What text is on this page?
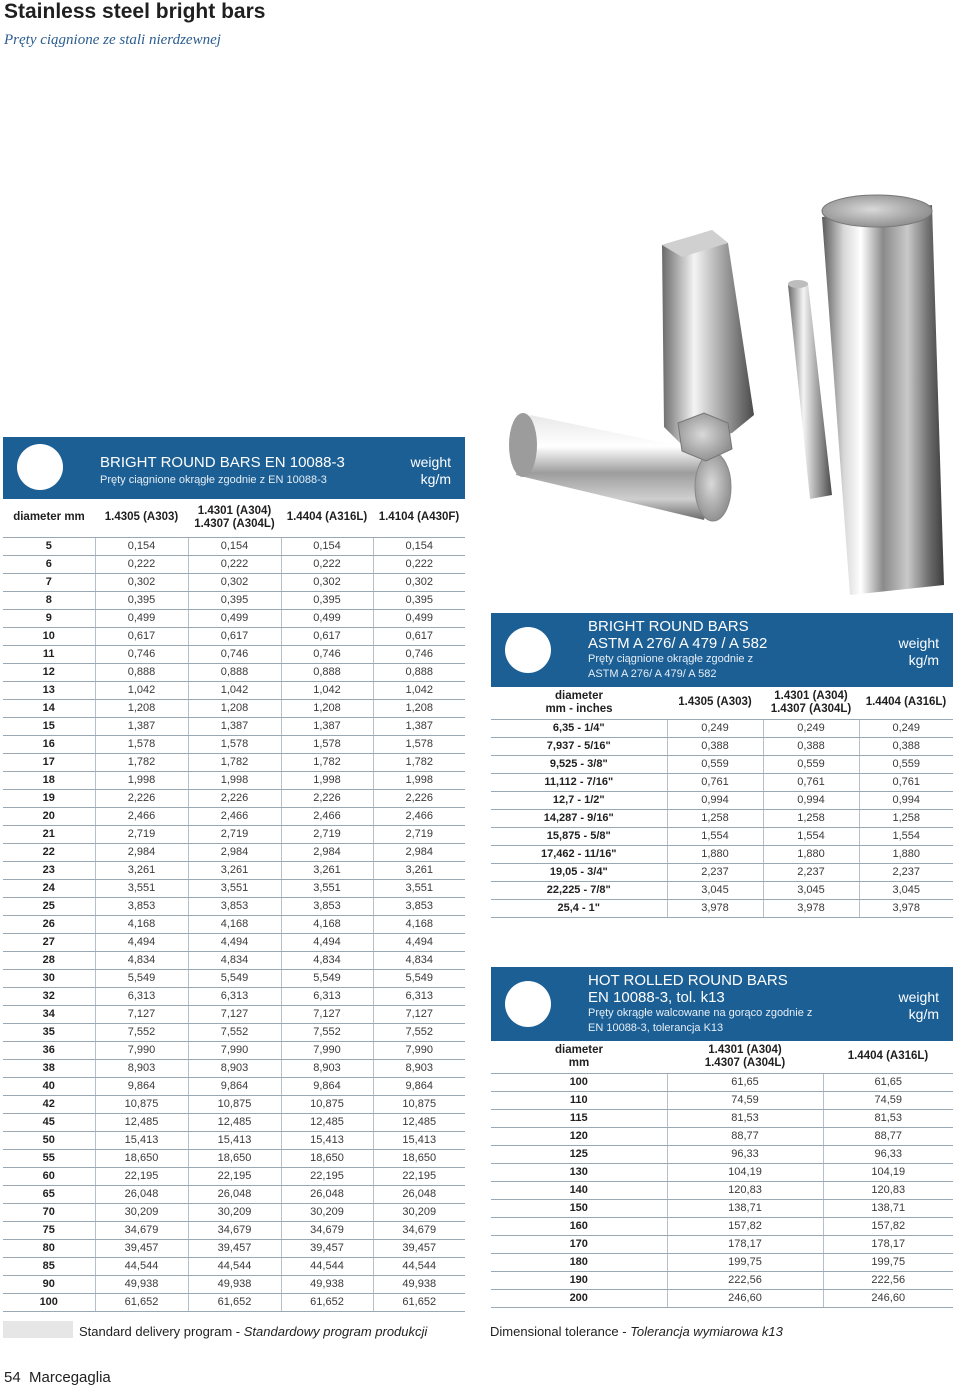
Stainless steel bright bars
Pręty ciągnione ze stali nierdzewnej
D BRIGHT ROUND BARS EN 10088-3
Pręty ciągnione okrągłe zgodnie z EN 10088-3
weight
kg/m
diameter mm	1.4305 (A303)	1.4301 (A304)
1.4307 (A304L)	1.4404 (A316L)	1.4104 (A430F)
5	0,154	0,154	0,154	0,154
6	0,222	0,222	0,222	0,222
7	0,302	0,302	0,302	0,302
8	0,395	0,395	0,395	0,395
9	0,499	0,499	0,499	0,499
10	0,617	0,617	0,617	0,617
11	0,746	0,746	0,746	0,746
12	0,888	0,888	0,888	0,888
13	1,042	1,042	1,042	1,042
14	1,208	1,208	1,208	1,208
15	1,387	1,387	1,387	1,387
16	1,578	1,578	1,578	1,578
17	1,782	1,782	1,782	1,782
18	1,998	1,998	1,998	1,998
19	2,226	2,226	2,226	2,226
20	2,466	2,466	2,466	2,466
21	2,719	2,719	2,719	2,719
22	2,984	2,984	2,984	2,984
23	3,261	3,261	3,261	3,261
24	3,551	3,551	3,551	3,551
25	3,853	3,853	3,853	3,853
26	4,168	4,168	4,168	4,168
27	4,494	4,494	4,494	4,494
28	4,834	4,834	4,834	4,834
30	5,549	5,549	5,549	5,549
32	6,313	6,313	6,313	6,313
34	7,127	7,127	7,127	7,127
35	7,552	7,552	7,552	7,552
36	7,990	7,990	7,990	7,990
38	8,903	8,903	8,903	8,903
40	9,864	9,864	9,864	9,864
42	10,875	10,875	10,875	10,875
45	12,485	12,485	12,485	12,485
50	15,413	15,413	15,413	15,413
55	18,650	18,650	18,650	18,650
60	22,195	22,195	22,195	22,195
65	26,048	26,048	26,048	26,048
70	30,209	30,209	30,209	30,209
75	34,679	34,679	34,679	34,679
80	39,457	39,457	39,457	39,457
85	44,544	44,544	44,544	44,544
90	49,938	49,938	49,938	49,938
100	61,652	61,652	61,652	61,652
D
BRIGHT ROUND BARS
ASTM A 276/ A 479 / A 582
Pręty ciągnione okrągłe zgodnie z
ASTM A 276/ A 479/ A 582
weight
kg/m
diameter
mm - inches	1.4305 (A303)	1.4301 (A304)
1.4307 (A304L)	1.4404 (A316L)
6,35 - 1/4"	0,249	0,249	0,249
7,937 - 5/16"	0,388	0,388	0,388
9,525 - 3/8"	0,559	0,559	0,559
11,112 - 7/16"	0,761	0,761	0,761
12,7 - 1/2"	0,994	0,994	0,994
14,287 - 9/16"	1,258	1,258	1,258
15,875 - 5/8"	1,554	1,554	1,554
17,462 - 11/16"	1,880	1,880	1,880
19,05 - 3/4"	2,237	2,237	2,237
22,225 - 7/8"	3,045	3,045	3,045
25,4 - 1"	3,978	3,978	3,978
D
HOT ROLLED ROUND BARS
EN 10088-3, tol. k13
Pręty okrągłe walcowane na gorąco zgodnie z
EN 10088-3, tolerancja K13
weight
kg/m
diameter
mm	1.4301 (A304)
1.4307 (A304L)	1.4404 (A316L)
100	61,65	61,65
110	74,59	74,59
115	81,53	81,53
120	88,77	88,77
125	96,33	96,33
130	104,19	104,19
140	120,83	120,83
150	138,71	138,71
160	157,82	157,82
170	178,17	178,17
180	199,75	199,75
190	222,56	222,56
200	246,60	246,60
Standard delivery program - Standardowy program produkcji	Dimensional tolerance - Tolerancja wymiarowa k13
54 Marcegaglia
